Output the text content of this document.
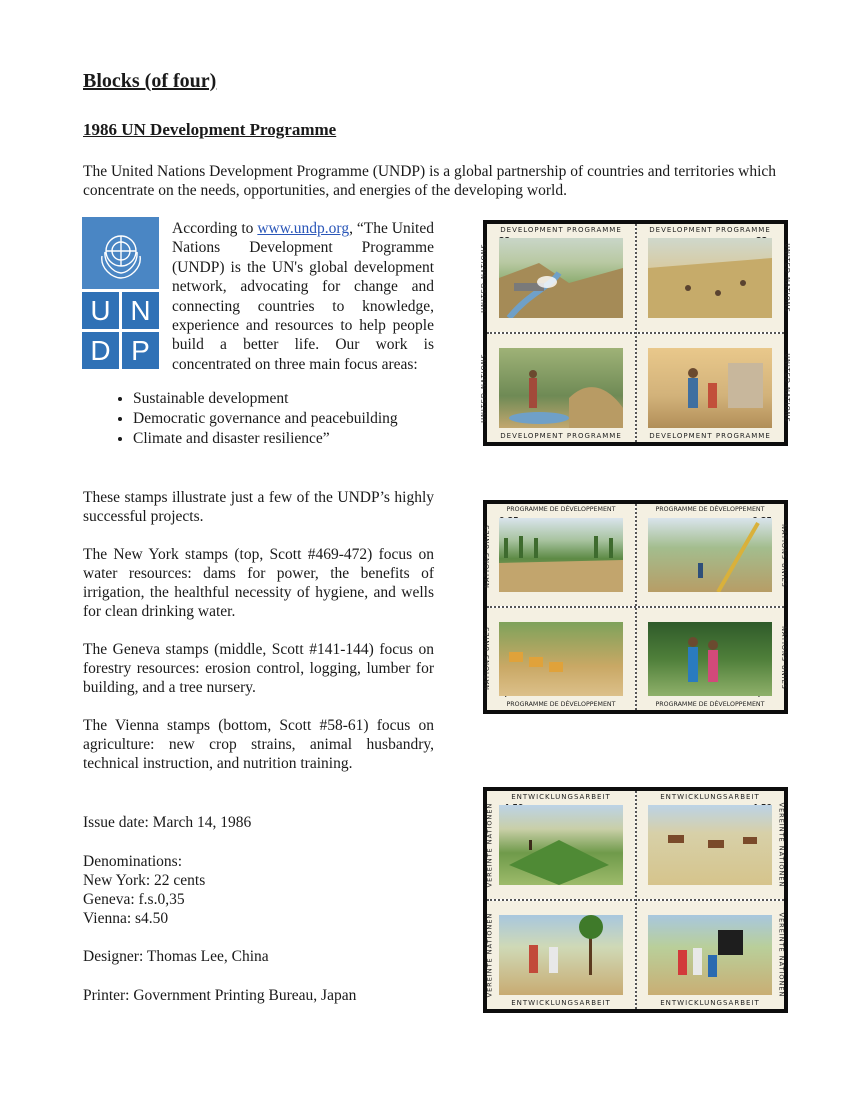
Blocks (of four)
1986 UN Development Programme

The United Nations Development Programme (UNDP) is a global partnership of countries and territories which concentrate on the needs, opportunities, and energies of the developing world.

U N
D P

According to www.undp.org, “The United Nations Development Programme (UNDP) is the UN's global development network, advocating for change and connecting countries to knowledge, experience and resources to help people build a better life. Our work is concentrated on three main focus areas:

• Sustainable development
• Democratic governance and peacebuilding
• Climate and disaster resilience”

These stamps illustrate just a few of the UNDP’s highly successful projects.

The New York stamps (top, Scott #469-472) focus on water resources: dams for power, the benefits of irrigation, the healthful necessity of hygiene, and wells for clean drinking water.

The Geneva stamps (middle, Scott #141-144) focus on forestry resources: erosion control, logging, lumber for building, and a tree nursery.

The Vienna stamps (bottom, Scott #58-61) focus on agriculture: new crop strains, animal husbandry, technical instruction, and nutrition training.

Issue date: March 14, 1986

Denominations:

New York: 22 cents

Geneva: f.s.0,35

Vienna: s4.50

Designer: Thomas Lee, China

Printer: Government Printing Bureau, Japan

DEVELOPMENT PROGRAMME	DEVELOPMENT PROGRAMME
DEVELOPMENT PROGRAMME	DEVELOPMENT PROGRAMME
UNITED NATIONS
UNITED NATIONS
UNITED NATIONS
UNITED NATIONS
PROGRAMME DE DÉVELOPPEMENT	PROGRAMME DE DÉVELOPPEMENT
PROGRAMME DE DÉVELOPPEMENT	PROGRAMME DE DÉVELOPPEMENT
NATIONS UNIES
NATIONS UNIES
NATIONS UNIES
NATIONS UNIES
ENTWICKLUNGSARBEIT	ENTWICKLUNGSARBEIT
ENTWICKLUNGSARBEIT	ENTWICKLUNGSARBEIT
VEREINTE NATIONEN
VEREINTE NATIONEN
VEREINTE NATIONEN
VEREINTE NATIONEN
